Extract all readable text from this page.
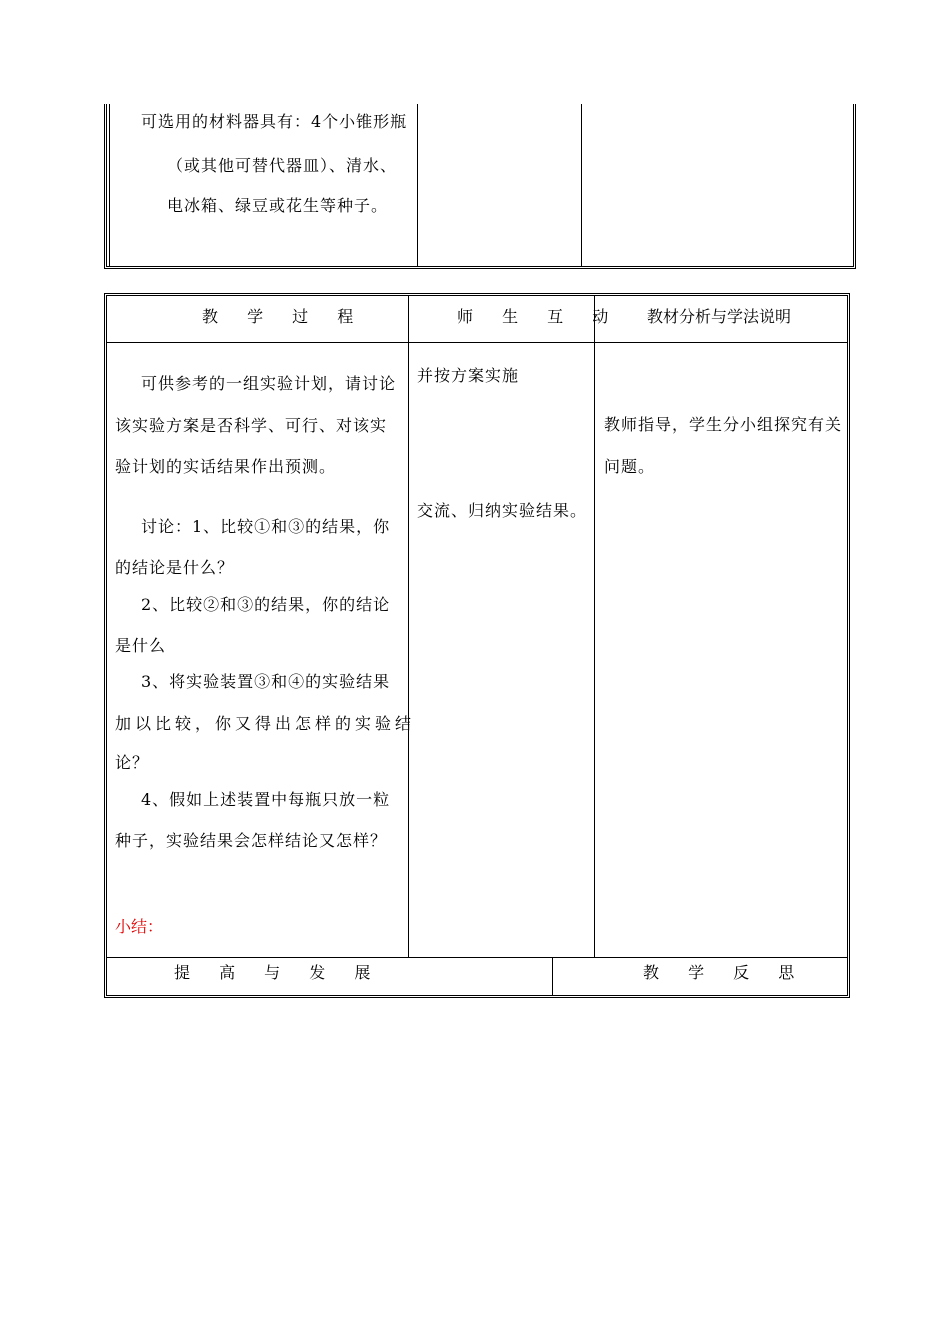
可选用的材料器具有：4个小锥形瓶
（或其他可替代器皿）、清水、
电冰箱、绿豆或花生等种子。
教 学 过 程	师 生 互 动 教材分析与学法说明
可供参考的一组实验计划，请讨论
该实验方案是否科学、可行、对该实
验计划的实话结果作出预测。
讨论：1、比较①和③的结果，你
的结论是什么？
2、比较②和③的结果，你的结论
是什么
3、将实验装置③和④的实验结果
加以比较，你又得出怎样的实验结
论？
4、假如上述装置中每瓶只放一粒
种子，实验结果会怎样结论又怎样？
小结：
并按方案实施
交流、归纳实验结果。
教师指导，学生分小组探究有关
问题。
提 高 与 发 展	教 学 反 思
